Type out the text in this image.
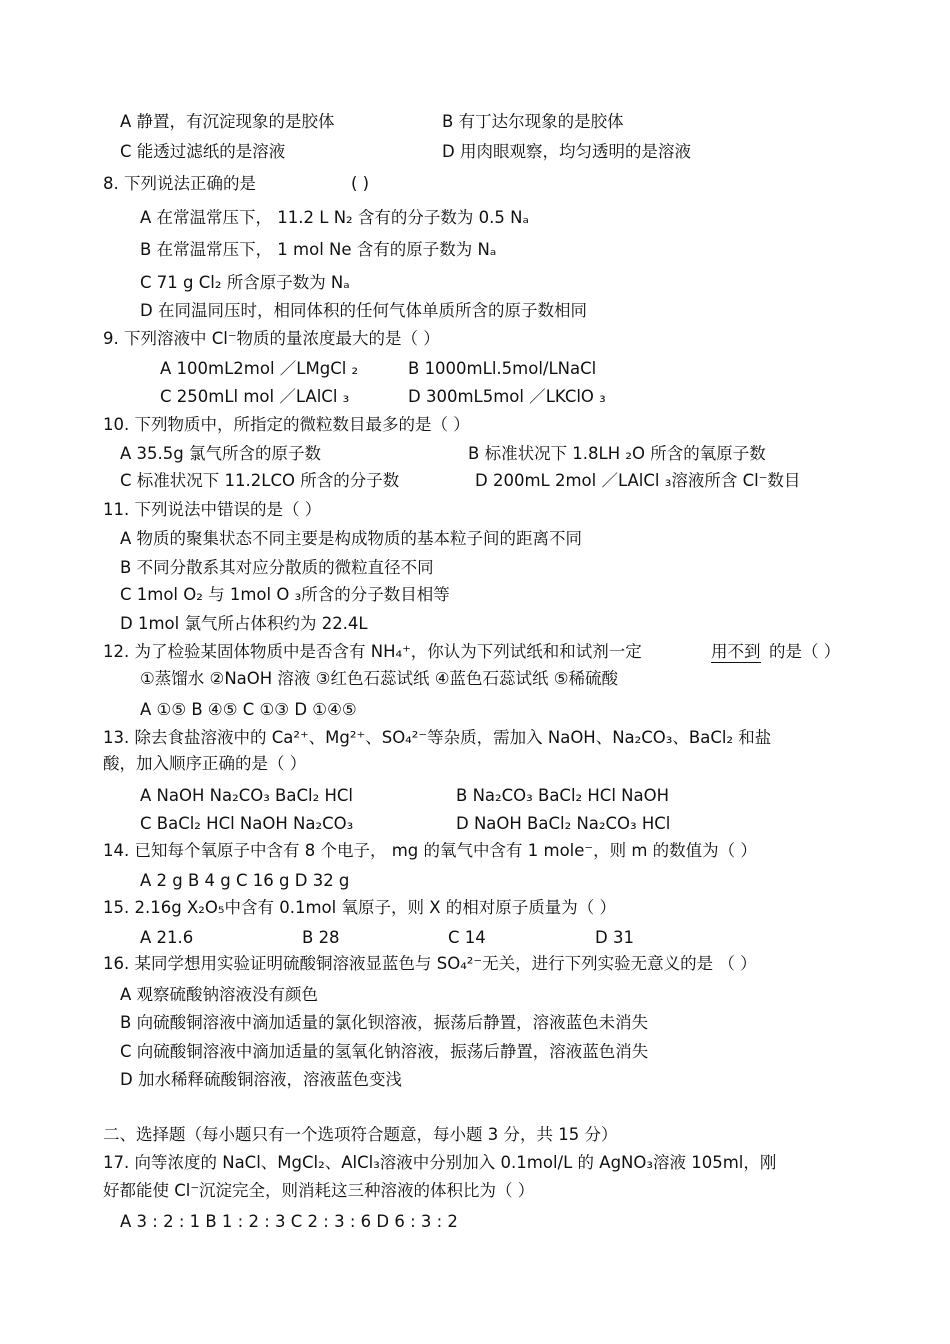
A 静置，有沉淀现象的是胶体	B 有丁达尔现象的是胶体
C 能透过滤纸的是溶液	D 用肉眼观察，均匀透明的是溶液
8. 下列说法正确的是	( )
A 在常温常压下， 11.2 L N₂ 含有的分子数为 0.5 Nₐ
B 在常温常压下， 1 mol Ne 含有的原子数为 Nₐ
C 71 g Cl₂ 所含原子数为 Nₐ
D 在同温同压时，相同体积的任何气体单质所含的原子数相同
9. 下列溶液中 Cl⁻物质的量浓度最大的是（ ）
A 100mL2mol ／LMgCl ₂	B 1000mLl.5mol/LNaCl
C 250mLl mol ／LAlCl ₃	D 300mL5mol ／LKClO ₃
10. 下列物质中，所指定的微粒数目最多的是（ ）
A 35.5g 氯气所含的原子数	B 标准状况下 1.8LH ₂O 所含的氧原子数
C 标准状况下 11.2LCO 所含的分子数	D 200mL 2mol ／LAlCl ₃溶液所含 Cl⁻数目
11. 下列说法中错误的是（ ）
A 物质的聚集状态不同主要是构成物质的基本粒子间的距离不同
B 不同分散系其对应分散质的微粒直径不同
C 1mol O₂ 与 1mol O ₃所含的分子数目相等
D 1mol 氯气所占体积约为 22.4L
12. 为了检验某固体物质中是否含有 NH₄⁺，你认为下列试纸和和试剂一定	用不到 的是（ ）
①蒸馏水 ②NaOH 溶液 ③红色石蕊试纸 ④蓝色石蕊试纸 ⑤稀硫酸
A ①⑤ B ④⑤ C ①③ D ①④⑤
13. 除去食盐溶液中的 Ca²⁺、Mg²⁺、SO₄²⁻等杂质，需加入 NaOH、Na₂CO₃、BaCl₂ 和盐
酸，加入顺序正确的是（ ）
A NaOH Na₂CO₃ BaCl₂ HCl	B Na₂CO₃ BaCl₂ HCl NaOH
C BaCl₂ HCl NaOH Na₂CO₃	D NaOH BaCl₂ Na₂CO₃ HCl
14. 已知每个氧原子中含有 8 个电子， mg 的氧气中含有 1 mole⁻，则 m 的数值为（ ）
A 2 g B 4 g C 16 g D 32 g
15. 2.16g X₂O₅中含有 0.1mol 氧原子，则 X 的相对原子质量为（ ）
A 21.6	B 28	C 14	D 31
16. 某同学想用实验证明硫酸铜溶液显蓝色与 SO₄²⁻无关，进行下列实验无意义的是 （ ）
A 观察硫酸钠溶液没有颜色
B 向硫酸铜溶液中滴加适量的氯化钡溶液，振荡后静置，溶液蓝色未消失
C 向硫酸铜溶液中滴加适量的氢氧化钠溶液，振荡后静置，溶液蓝色消失
D 加水稀释硫酸铜溶液，溶液蓝色变浅
二、选择题（每小题只有一个选项符合题意，每小题 3 分，共 15 分）
17. 向等浓度的 NaCl、MgCl₂、AlCl₃溶液中分别加入 0.1mol/L 的 AgNO₃溶液 105ml，刚
好都能使 Cl⁻沉淀完全，则消耗这三种溶液的体积比为（ ）
A 3 : 2 : 1 B 1 : 2 : 3 C 2 : 3 : 6 D 6 : 3 : 2
